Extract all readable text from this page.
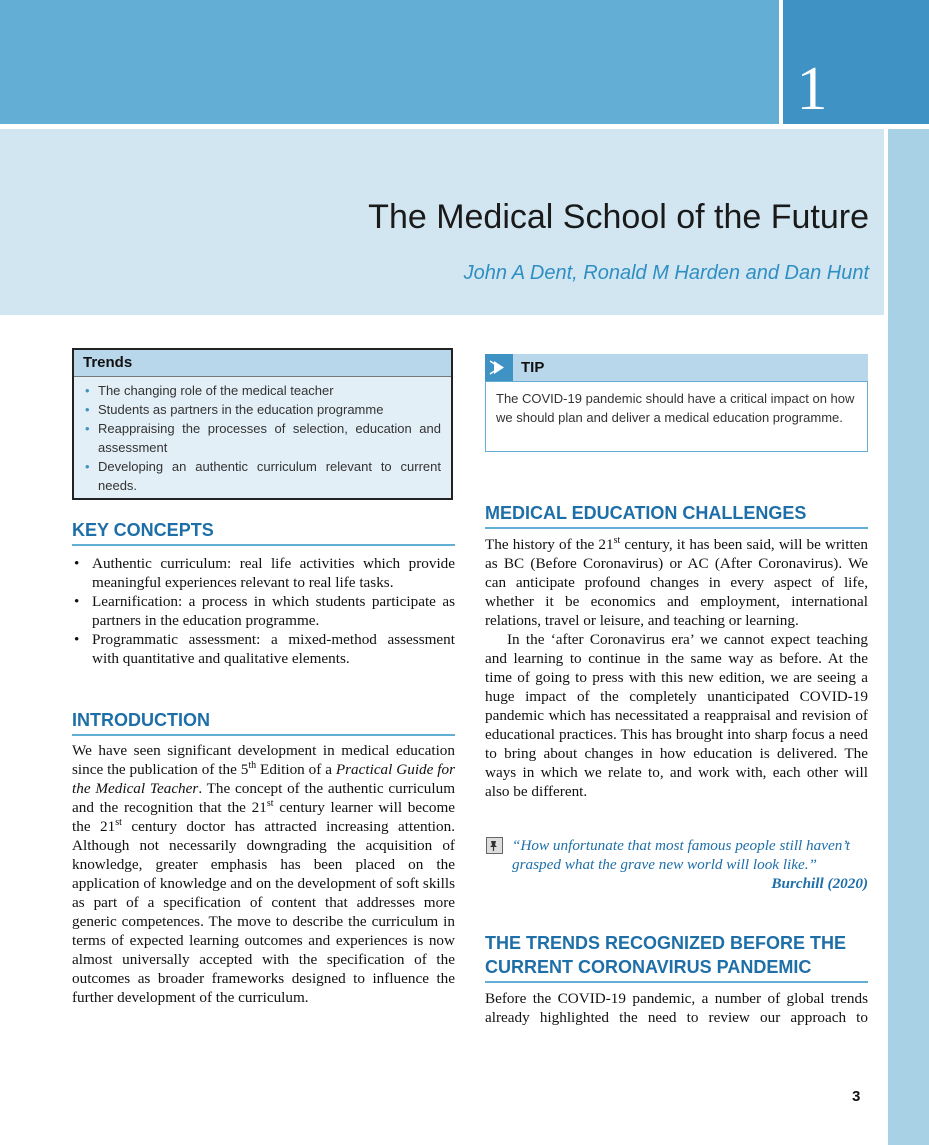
1
The Medical School of the Future
John A Dent, Ronald M Harden and Dan Hunt
Trends
• The changing role of the medical teacher
• Students as partners in the education programme
• Reappraising the processes of selection, education and assessment
• Developing an authentic curriculum relevant to current needs.
KEY CONCEPTS
• Authentic curriculum: real life activities which provide meaningful experiences relevant to real life tasks.
• Learnification: a process in which students participate as partners in the education programme.
• Programmatic assessment: a mixed-method assessment with quantitative and qualitative elements.
INTRODUCTION

We have seen significant development in medical education since the publication of the 5th Edition of a Practical Guide for the Medical Teacher. The concept of the authentic curriculum and the recognition that the 21st century learner will become the 21st century doctor has attracted increasing attention. Although not necessarily downgrading the acquisition of knowledge, greater emphasis has been placed on the application of knowledge and on the development of soft skills as part of a specification of content that addresses more generic competences. The move to describe the curriculum in terms of expected learning outcomes and experiences is now almost universally accepted with the specification of the outcomes as broader frameworks designed to influence the further development of the curriculum.

TIP
The COVID-19 pandemic should have a critical impact on how we should plan and deliver a medical education programme.
MEDICAL EDUCATION CHALLENGES

The history of the 21st century, it has been said, will be written as BC (Before Coronavirus) or AC (After Coronavirus). We can anticipate profound changes in every aspect of life, whether it be economics and employment, international relations, travel or leisure, and teaching or learning.

In the ‘after Coronavirus era’ we cannot expect teaching and learning to continue in the same way as before. At the time of going to press with this new edition, we are seeing a huge impact of the completely unanticipated COVID-19 pandemic which has necessitated a reappraisal and revision of educational practices. This has brought into sharp focus a need to bring about changes in how education is delivered. The ways in which we relate to, and work with, each other will also be different.

“How unfortunate that most famous people still haven’t grasped what the grave new world will look like.”
Burchill (2020)
THE TRENDS RECOGNIZED BEFORE THE CURRENT CORONAVIRUS PANDEMIC

Before the COVID-19 pandemic, a number of global trends already highlighted the need to review our approach to

3
